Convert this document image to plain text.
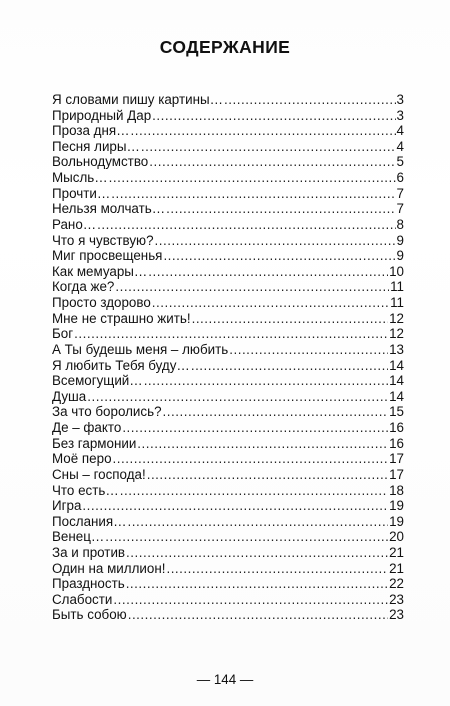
СОДЕРЖАНИЕ
Я словами пишу картины… . . .	3
Природный Дар . . .	3
Проза дня… . . .	4
Песня лиры… . . .	4
Вольнодумство . . .	5
Мысль… . . .	6
Прочти… . . .	7
Нельзя молчать… . . .	7
Рано… . . .	8
Что я чувствую? . . .	9
Миг просвещенья . . .	9
Как мемуары… . . .	10
Когда же? . . .	11
Просто здорово . . .	11
Мне не страшно жить! . . .	12
Бог . . .	12
А Ты будешь меня – любить . . .	13
Я любить Тебя буду… . . .	14
Всемогущий… . . .	14
Душа . . .	14
За что боролись? . . .	15
Де – факто . . .	16
Без гармонии . . .	16
Моё перо . . .	17
Сны – господа! . . .	17
Что есть… . . .	18
Игра . . .	19
Послания… . . .	19
Венец… . . .	20
За и против . . .	21
Один на миллион! . . .	21
Праздность . . .	22
Слабости . . .	23
Быть собою . . .	23
— 144 —
